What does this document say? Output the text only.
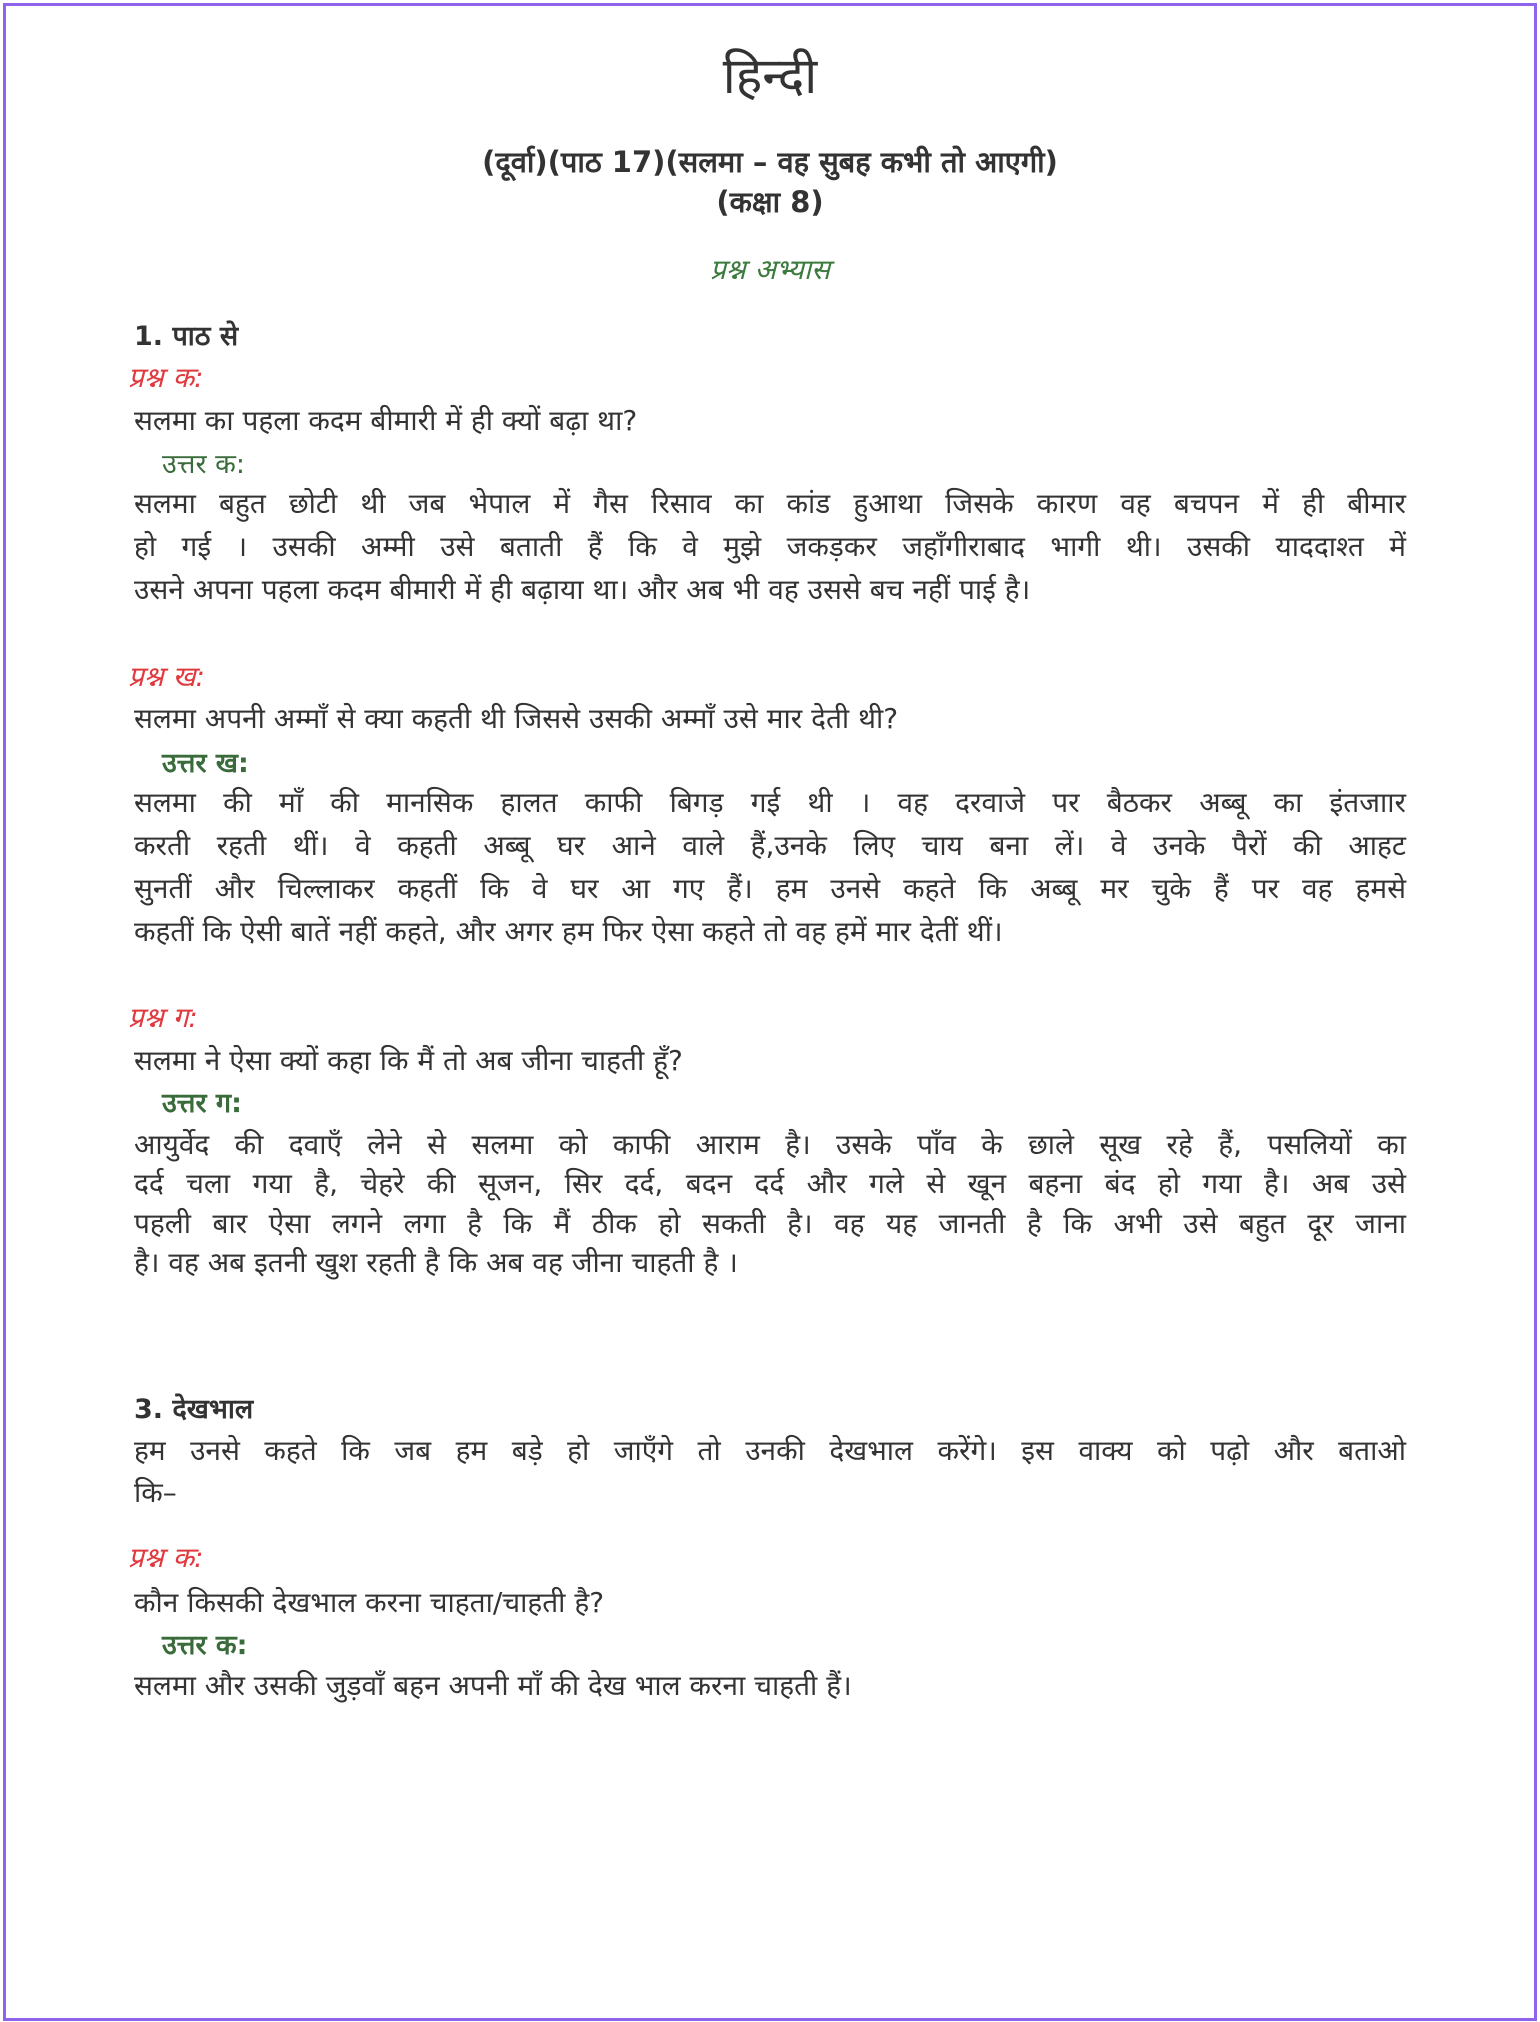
हिन्दी
(दूर्वा)(पाठ 17)(सलमा – वह सुबह कभी तो आएगी)
(कक्षा 8)
प्रश्न अभ्यास
1. पाठ से
प्रश्न क:
सलमा का पहला कदम बीमारी में ही क्यों बढ़ा था?
उत्तर क:
सलमा बहुत छोटी थी जब भेपाल में गैस रिसाव का कांड हुआथा जिसके कारण वह बचपन में ही बीमार
हो गई । उसकी अम्मी उसे बताती हैं कि वे मुझे जकड़कर जहाँगीराबाद भागी थी। उसकी याददाश्त में
उसने अपना पहला कदम बीमारी में ही बढ़ाया था। और अब भी वह उससे बच नहीं पाई है।
प्रश्न ख:
सलमा अपनी अम्माँ से क्या कहती थी जिससे उसकी अम्माँ उसे मार देती थी?
उत्तर ख:
सलमा की माँ की मानसिक हालत काफी बिगड़ गई थी । वह दरवाजे पर बैठकर अब्बू का इंतजाार
करती रहती थीं। वे कहती अब्बू घर आने वाले हैं,उनके लिए चाय बना लें। वे उनके पैरों की आहट
सुनतीं और चिल्लाकर कहतीं कि वे घर आ गए हैं। हम उनसे कहते कि अब्बू मर चुके हैं पर वह हमसे
कहतीं कि ऐसी बातें नहीं कहते, और अगर हम फिर ऐसा कहते तो वह हमें मार देतीं थीं।
प्रश्न ग:
सलमा ने ऐसा क्यों कहा कि मैं तो अब जीना चाहती हूँ?
उत्तर ग:
आयुर्वेद की दवाएँ लेने से सलमा को काफी आराम है। उसके पाँव के छाले सूख रहे हैं, पसलियों का
दर्द चला गया है, चेहरे की सूजन, सिर दर्द, बदन दर्द और गले से खून बहना बंद हो गया है। अब उसे
पहली बार ऐसा लगने लगा है कि मैं ठीक हो सकती है। वह यह जानती है कि अभी उसे बहुत दूर जाना
है। वह अब इतनी खुश रहती है कि अब वह जीना चाहती है ।
3. देखभाल
हम उनसे कहते कि जब हम बड़े हो जाएँगे तो उनकी देखभाल करेंगे। इस वाक्य को पढ़ो और बताओ
कि–
प्रश्न क:
कौन किसकी देखभाल करना चाहता/चाहती है?
उत्तर क:
सलमा और उसकी जुड़वाँ बहन अपनी माँ की देख भाल करना चाहती हैं।
